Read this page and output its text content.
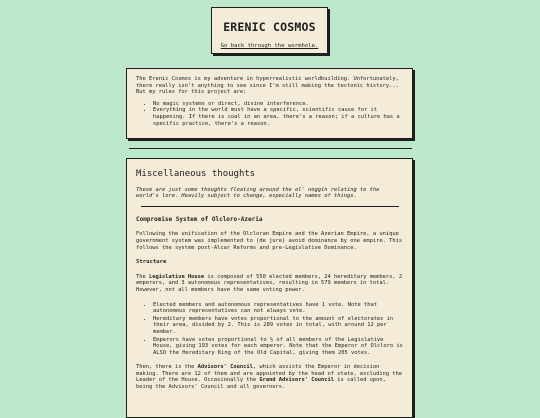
ERENIC COSMOS
Go back through the wormhole.

The Erenic Cosmos is my adventure in hyperrealistic worldbuilding. Unfortunately, there really isn't anything to see since I'm still making the tectonic history... But my rules for this project are:

• No magic systems or direct, divine interference.
• Everything in the world must have a specific, scientific cause for it happening. If there is coal in an area, there's a reason; if a culture has a specific practice, there's a reason.
Miscellaneous thoughts

These are just some thoughts floating around the ol' noggin relating to the world's lore. Heavily subject to change, especially names of things.

Compromise System of Olcloro-Azeria

Following the unification of the Olcloran Empire and the Azerian Empire, a unique government system was implemented to (de jure) avoid dominance by one empire. This follows the system post-Alcar Reforms and pre-Legislative Dominance.

Structure

The Legislative House is composed of 550 elected members, 24 hereditary members, 2 emperors, and 3 autonomous representatives, resulting in 579 members in total. However, not all members have the same voting power.

• Elected members and autonomous representatives have 1 vote. Note that autonomous representatives can not always vote.
• Hereditary members have votes proportional to the amount of electorates in their area, divided by 2. This is 289 votes in total, with around 12 per member.
• Emperors have votes proportional to ½ of all members of the Legislative House, giving 193 votes for each emperor. Note that the Emperor of Olcloro is ALSO the Hereditary King of the Old Capital, giving them 205 votes.

Then, there is the Advisors' Council, which assists the Emperor in decision making. There are 12 of them and are appointed by the head of state, excluding the Leader of the House. Occasionally the Grand Advisors' Council is called upon, being the Advisors' Council and all governors.
